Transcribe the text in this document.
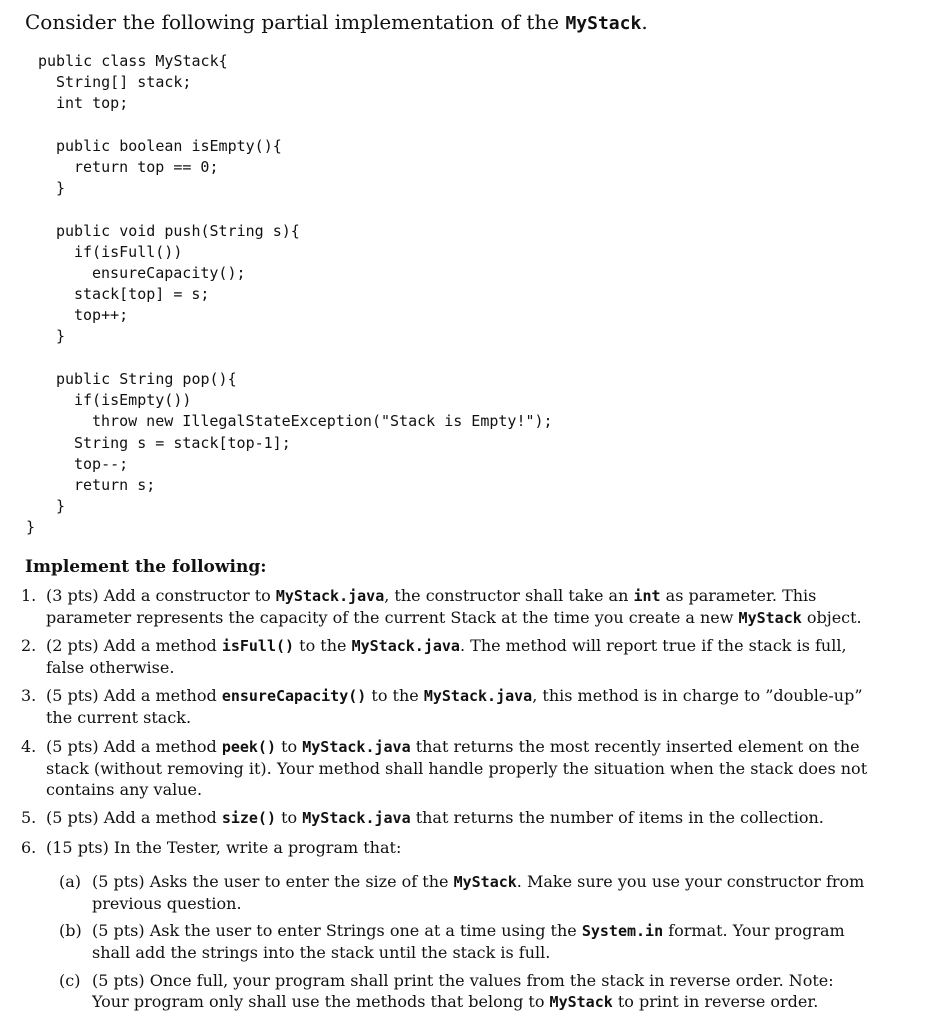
Consider the following partial implementation of the MyStack.
public class MyStack{
String[] stack;
int top;
public boolean isEmpty(){
return top == 0;
}
public void push(String s){
if(isFull())
ensureCapacity();
stack[top] = s;
top++;
}
public String pop(){
if(isEmpty())
throw new IllegalStateException("Stack is Empty!");
String s = stack[top-1];
top--;
return s;
}
}
Implement the following:
1. (3 pts) Add a constructor to MyStack.java, the constructor shall take an int as parameter. This parameter represents the capacity of the current Stack at the time you create a new MyStack object.
2. (2 pts) Add a method isFull() to the MyStack.java. The method will report true if the stack is full, false otherwise.
3. (5 pts) Add a method ensureCapacity() to the MyStack.java, this method is in charge to ”double-up” the current stack.
4. (5 pts) Add a method peek() to MyStack.java that returns the most recently inserted element on the stack (without removing it). Your method shall handle properly the situation when the stack does not contains any value.
5. (5 pts) Add a method size() to MyStack.java that returns the number of items in the collection.
6. (15 pts) In the Tester, write a program that:
(a) (5 pts) Asks the user to enter the size of the MyStack. Make sure you use your constructor from previous question.
(b) (5 pts) Ask the user to enter Strings one at a time using the System.in format. Your program shall add the strings into the stack until the stack is full.
(c) (5 pts) Once full, your program shall print the values from the stack in reverse order. Note: Your program only shall use the methods that belong to MyStack to print in reverse order.
